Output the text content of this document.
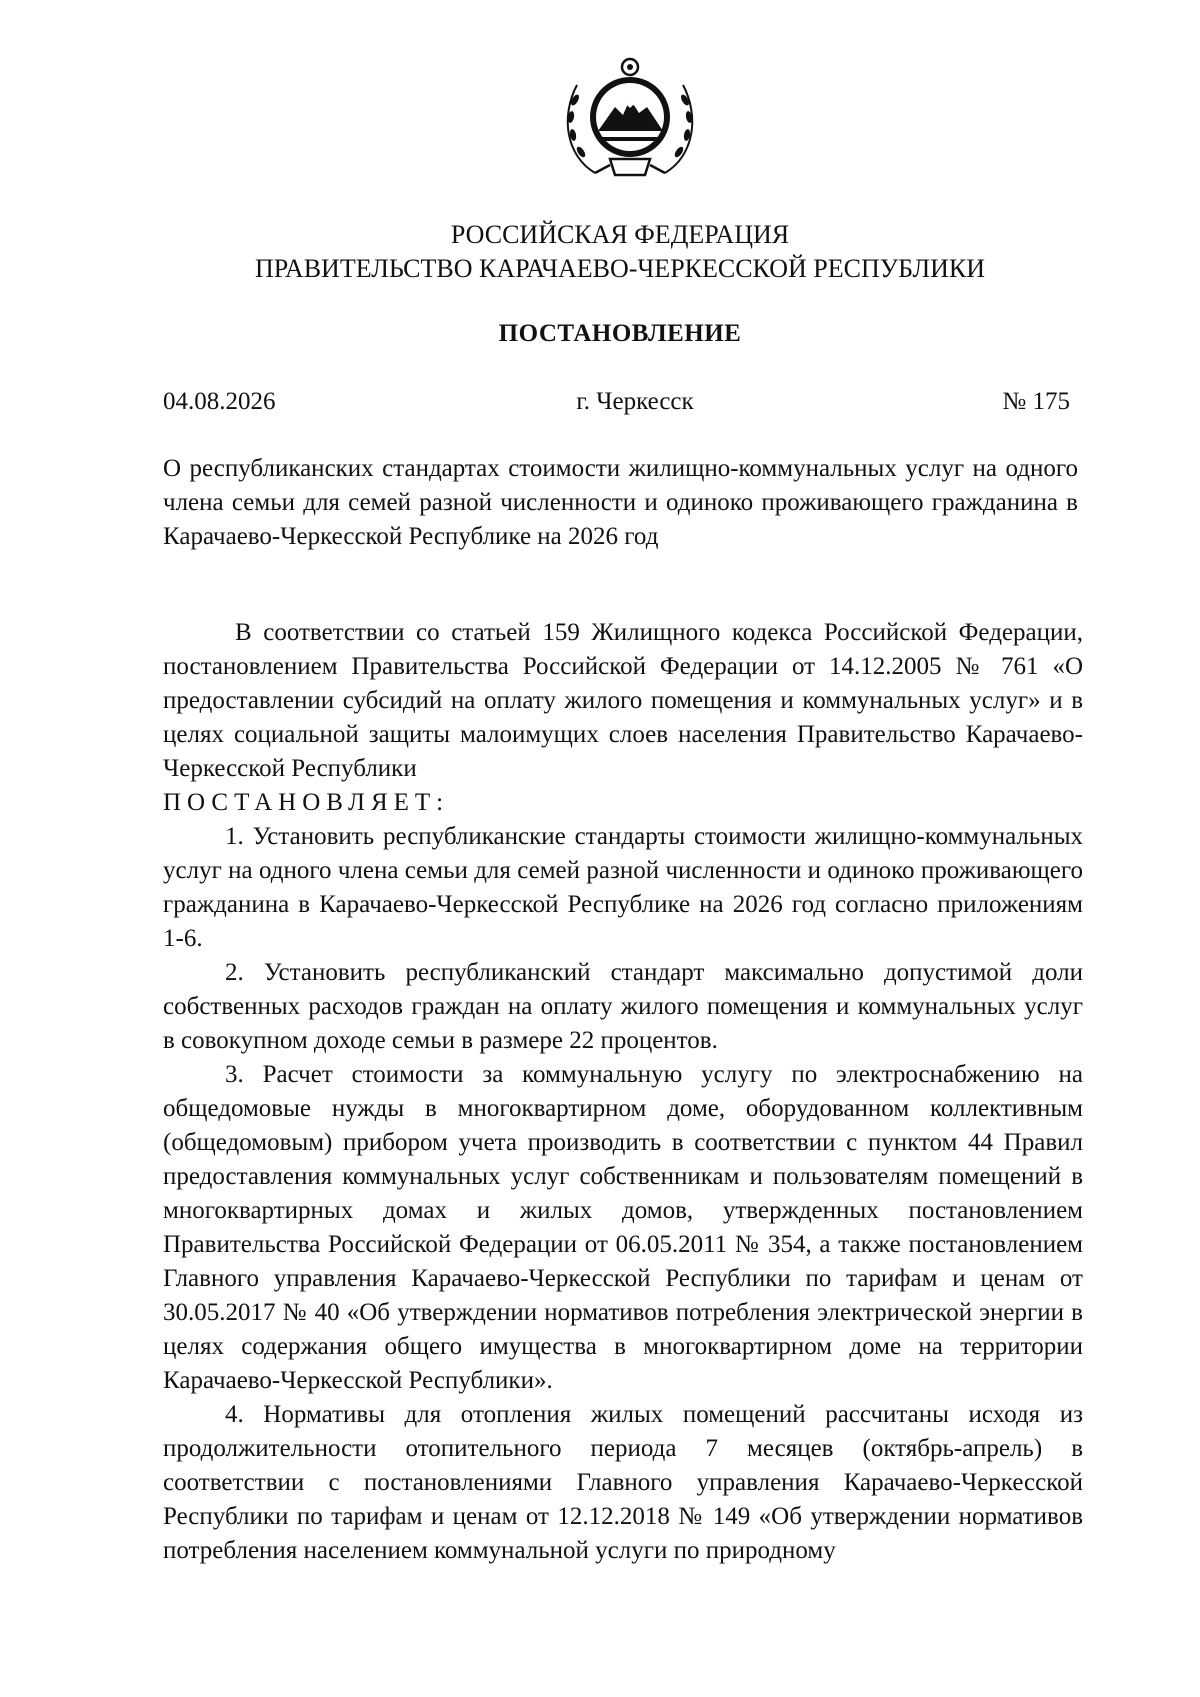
РОССИЙСКАЯ ФЕДЕРАЦИЯ
ПРАВИТЕЛЬСТВО КАРАЧАЕВО-ЧЕРКЕССКОЙ РЕСПУБЛИКИ
ПОСТАНОВЛЕНИЕ
04.08.2026	г. Черкесск	№ 175
О республиканских стандартах стоимости жилищно-коммунальных услуг на одного члена семьи для семей разной численности и одиноко проживающего гражданина в Карачаево-Черкесской Республике на 2026 год

В соответствии со статьей 159 Жилищного кодекса Российской Федерации, постановлением Правительства Российской Федерации от 14.12.2005 № 761 «О предоставлении субсидий на оплату жилого помещения и коммунальных услуг» и в целях социальной защиты малоимущих слоев населения Правительство Карачаево-Черкесской Республики

ПОСТАНОВЛЯЕТ:

1. Установить республиканские стандарты стоимости жилищно-коммунальных услуг на одного члена семьи для семей разной численности и одиноко проживающего гражданина в Карачаево-Черкесской Республике на 2026 год согласно приложениям 1-6.

2. Установить республиканский стандарт максимально допустимой доли собственных расходов граждан на оплату жилого помещения и коммунальных услуг в совокупном доходе семьи в размере 22 процентов.

3. Расчет стоимости за коммунальную услугу по электроснабжению на общедомовые нужды в многоквартирном доме, оборудованном коллективным (общедомовым) прибором учета производить в соответствии с пунктом 44 Правил предоставления коммунальных услуг собственникам и пользователям помещений в многоквартирных домах и жилых домов, утвержденных постановлением Правительства Российской Федерации от 06.05.2011 № 354, а также постановлением Главного управления Карачаево-Черкесской Республики по тарифам и ценам от 30.05.2017 № 40 «Об утверждении нормативов потребления электрической энергии в целях содержания общего имущества в многоквартирном доме на территории Карачаево-Черкесской Республики».

4. Нормативы для отопления жилых помещений рассчитаны исходя из продолжительности отопительного периода 7 месяцев (октябрь-апрель) в соответствии с постановлениями Главного управления Карачаево-Черкесской Республики по тарифам и ценам от 12.12.2018 № 149 «Об утверждении нормативов потребления населением коммунальной услуги по природному
